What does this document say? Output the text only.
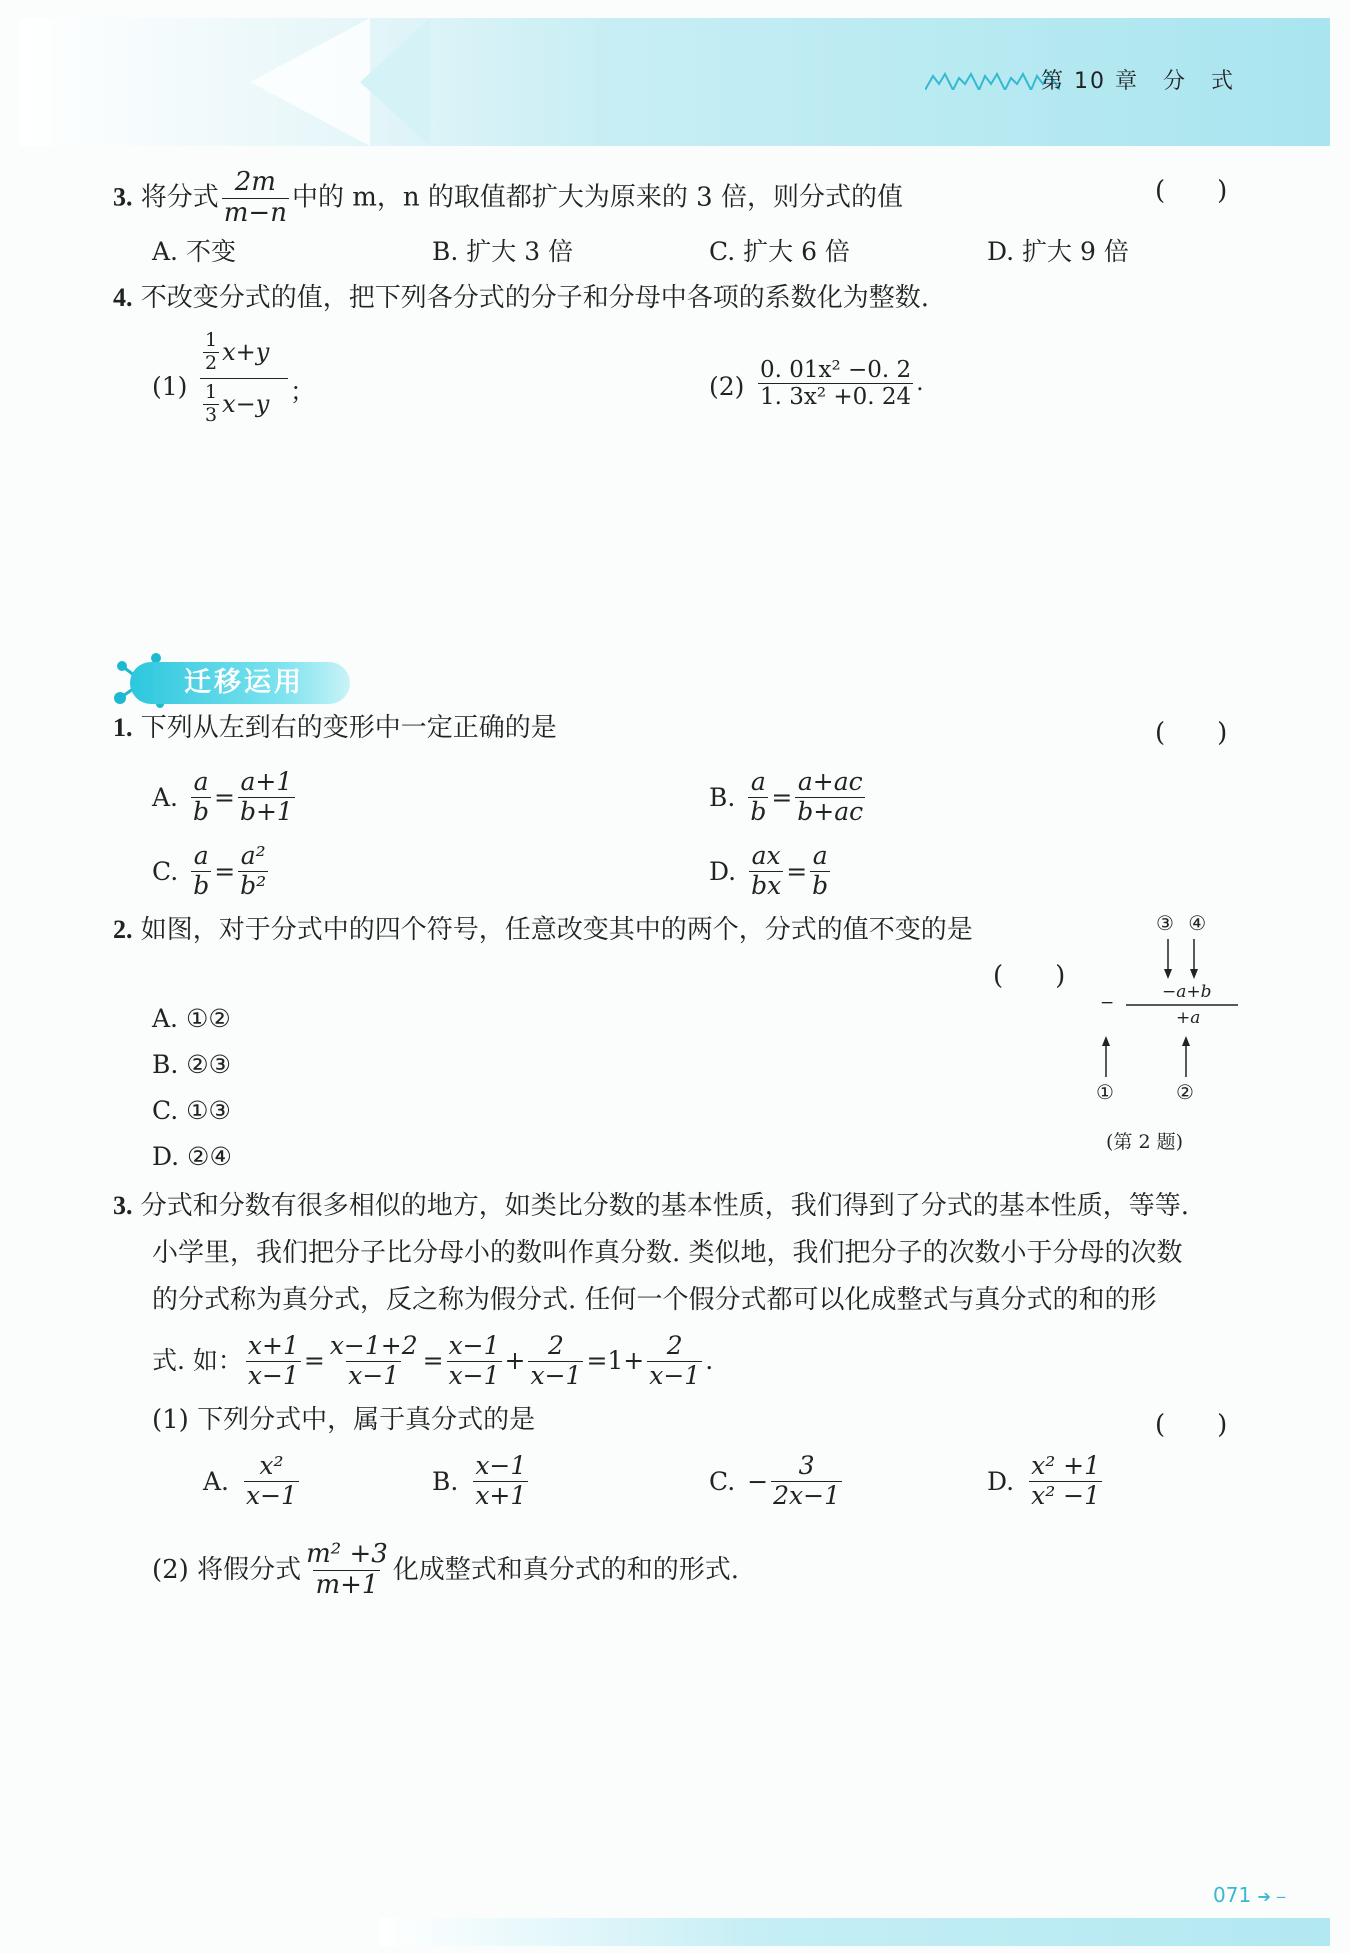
第 10 章　分　式
3. 将分式 $\frac{2m}{m-n}$ 中的 m，n 的取值都扩大为原来的 3 倍，则分式的值	(　　)
A. 不变	B. 扩大 3 倍	C. 扩大 6 倍	D. 扩大 9 倍
4. 不改变分式的值，把下列各分式的分子和分母中各项的系数化为整数.
(1)
$\frac{1}{2} x+y$
$\frac{1}{3} x-y$ ；	$(2) \frac{\text{0. 01x² −0. 2}}{\text{1. 3x² +0. 24}}$ .
迁移运用
1. 下列从左到右的变形中一定正确的是	(　　)
A. $\frac{a}{b} = \frac{a+1}{b+1}$	B. $\frac{a}{b} = \frac{a+ac}{b+ac}$
C. $\frac{a}{b} = \frac{\text{a²}}{\text{b²}}$	D. $\frac{ax}{bx} = \frac{a}{b}$
2. 如图，对于分式中的四个符号，任意改变其中的两个，分式的值不变的是
(　　)
A. ①②
B. ②③
C. ①③
D. ②④
③ ④
−
−a+b
+a
①	②
(第 2 题)
3. 分式和分数有很多相似的地方，如类比分数的基本性质，我们得到了分式的基本性质，等等.
小学里，我们把分子比分母小的数叫作真分数. 类似地，我们把分子的次数小于分母的次数
的分式称为真分式，反之称为假分式. 任何一个假分式都可以化成整式与真分式的和的形
式. 如： $\frac{x+1}{x-1} = \frac{x-1+2}{x-1} = \frac{x-1}{x-1} + \frac{2}{x-1} = 1+ \frac{2}{x-1}$ .
(1) 下列分式中，属于真分式的是	(　　)
A. $\frac{\text{x²}}{x-1}$	B. $\frac{x-1}{x+1}$	C. − $\frac{3}{2x-1}$	D. $\frac{\text{x² +1}}{\text{x² −1}}$
(2) 将假分式 $\frac{\text{m² +3}}{m+1}$ 化成整式和真分式的和的形式.
071 ➔ ‒
